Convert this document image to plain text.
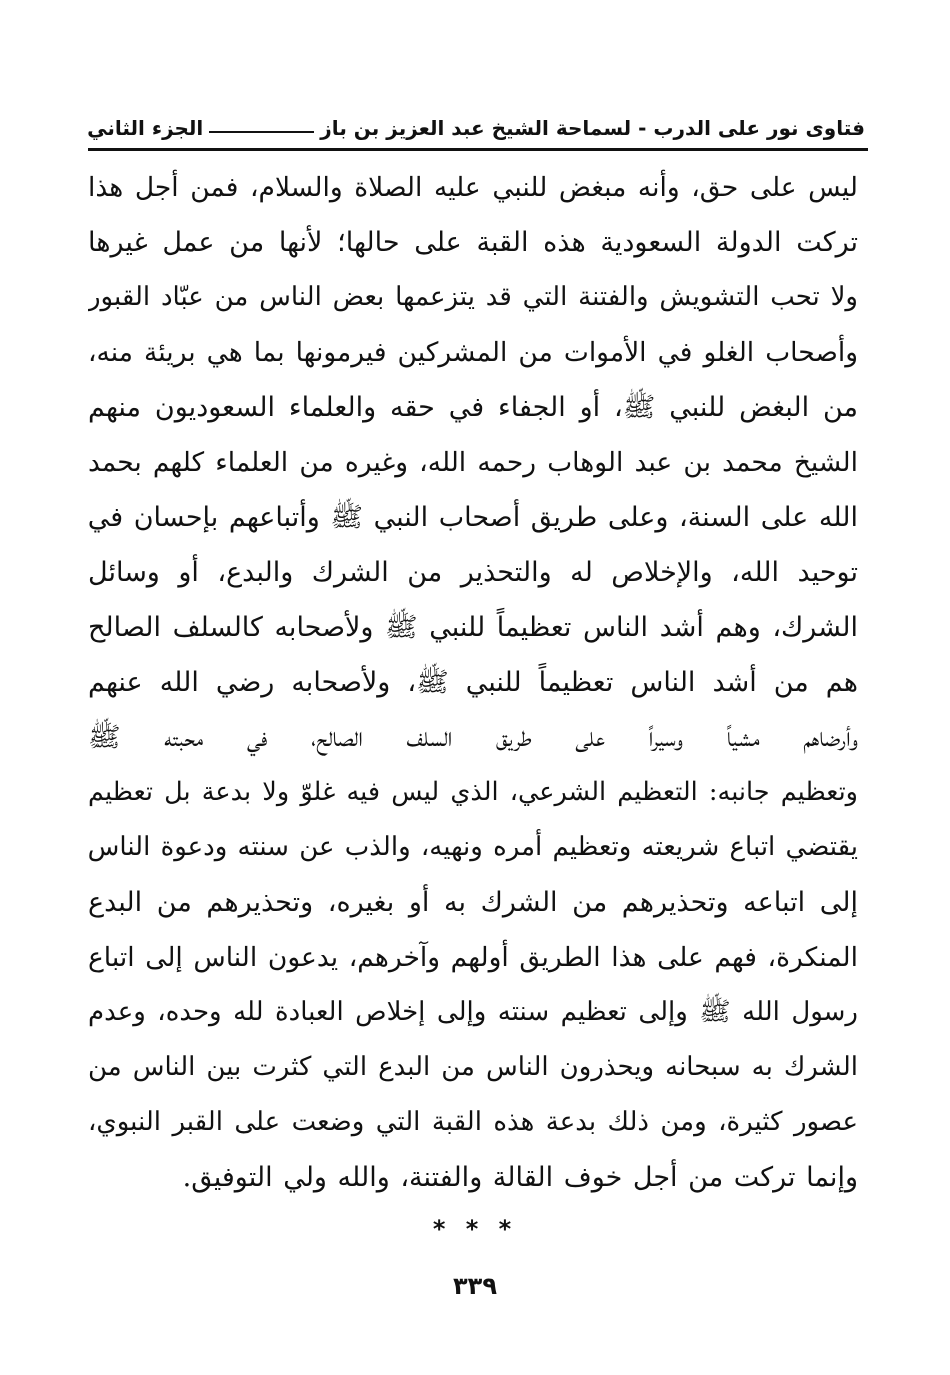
فتاوى نور على الدرب - لسماحة الشيخ عبد العزيز بن باز
الجزء الثاني
ليس على حق، وأنه مبغض للنبي عليه الصلاة والسلام، فمن أجل هذا
تركت الدولة السعودية هذه القبة على حالها؛ لأنها من عمل غيرها
ولا تحب التشويش والفتنة التي قد يتزعمها بعض الناس من عبّاد القبور
وأصحاب الغلو في الأموات من المشركين فيرمونها بما هي بريئة منه،
من البغض للنبي ﷺ، أو الجفاء في حقه والعلماء السعوديون منهم
الشيخ محمد بن عبد الوهاب رحمه الله، وغيره من العلماء كلهم بحمد
الله على السنة، وعلى طريق أصحاب النبي ﷺ وأتباعهم بإحسان في
توحيد الله، والإخلاص له والتحذير من الشرك والبدع، أو وسائل
الشرك، وهم أشد الناس تعظيماً للنبي ﷺ ولأصحابه كالسلف الصالح
هم من أشد الناس تعظيماً للنبي ﷺ، ولأصحابه رضي الله عنهم
وأرضاهم مشياً وسيراً على طريق السلف الصالح، في محبته ﷺ
وتعظيم جانبه: التعظيم الشرعي، الذي ليس فيه غلوّ ولا بدعة بل تعظيم
يقتضي اتباع شريعته وتعظيم أمره ونهيه، والذب عن سنته ودعوة الناس
إلى اتباعه وتحذيرهم من الشرك به أو بغيره، وتحذيرهم من البدع
المنكرة، فهم على هذا الطريق أولهم وآخرهم، يدعون الناس إلى اتباع
رسول الله ﷺ وإلى تعظيم سنته وإلى إخلاص العبادة لله وحده، وعدم
الشرك به سبحانه ويحذرون الناس من البدع التي كثرت بين الناس من
عصور كثيرة، ومن ذلك بدعة هذه القبة التي وضعت على القبر النبوي،
وإنما تركت من أجل خوف القالة والفتنة، والله ولي التوفيق.
* * *
٣٣٩
